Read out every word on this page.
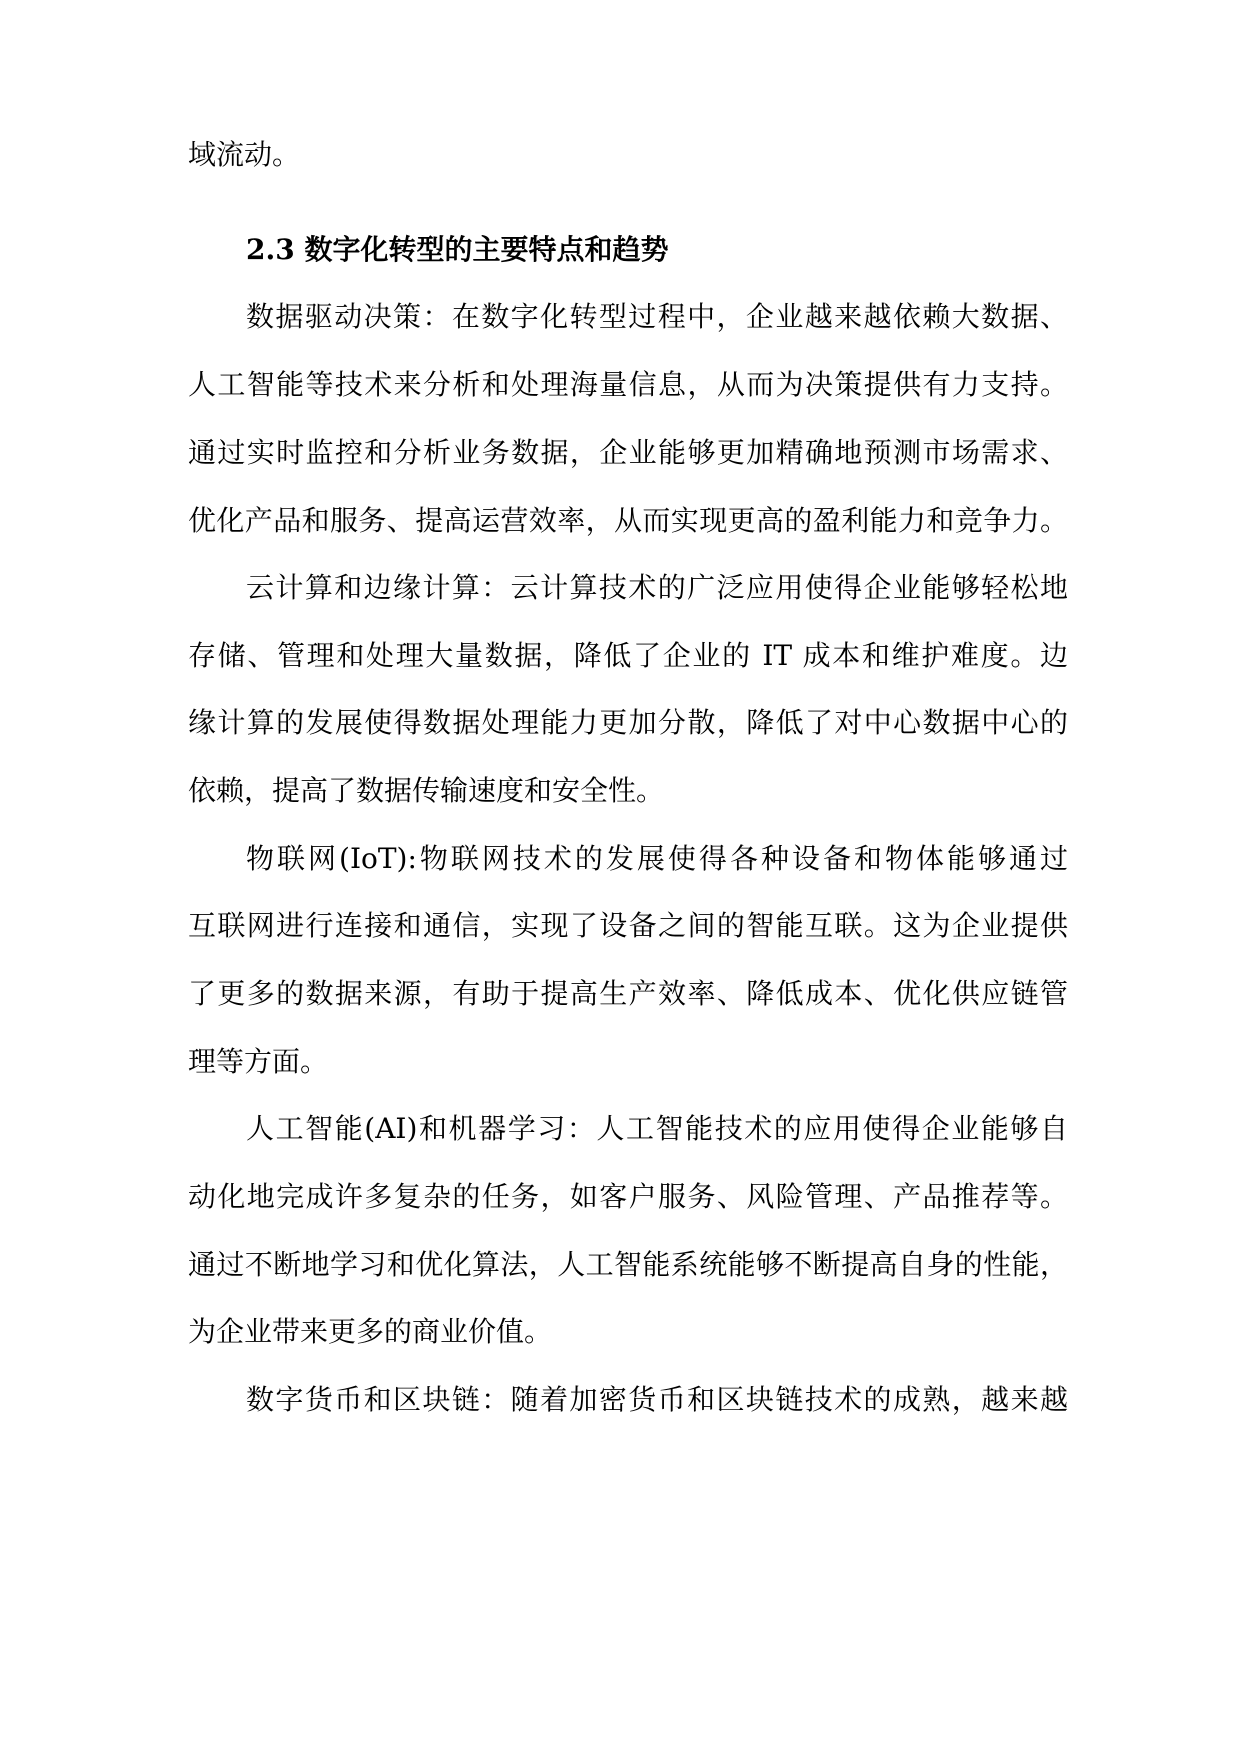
域流动。
2.3 数字化转型的主要特点和趋势
数据驱动决策：在数字化转型过程中，企业越来越依赖大数据、
人工智能等技术来分析和处理海量信息，从而为决策提供有力支持。
通过实时监控和分析业务数据，企业能够更加精确地预测市场需求、
优化产品和服务、提高运营效率，从而实现更高的盈利能力和竞争力。
云计算和边缘计算：云计算技术的广泛应用使得企业能够轻松地
存储、管理和处理大量数据，降低了企业的 IT 成本和维护难度。边
缘计算的发展使得数据处理能力更加分散，降低了对中心数据中心的
依赖，提高了数据传输速度和安全性。
物联网(IoT):物联网技术的发展使得各种设备和物体能够通过
互联网进行连接和通信，实现了设备之间的智能互联。这为企业提供
了更多的数据来源，有助于提高生产效率、降低成本、优化供应链管
理等方面。
人工智能(AI)和机器学习：人工智能技术的应用使得企业能够自
动化地完成许多复杂的任务，如客户服务、风险管理、产品推荐等。
通过不断地学习和优化算法，人工智能系统能够不断提高自身的性能，
为企业带来更多的商业价值。
数字货币和区块链：随着加密货币和区块链技术的成熟，越来越
